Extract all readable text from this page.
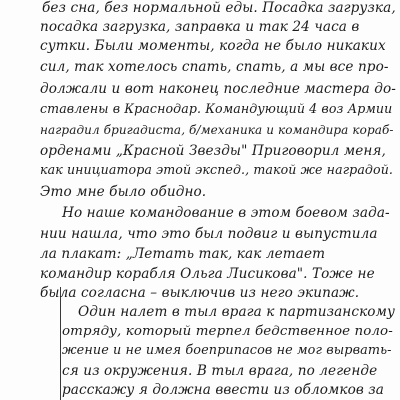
без сна, без нормальной еды. Посадка загрузка,
посадка загрузка, заправка и так 24 часа в
сутки. Были моменты, когда не было никаких
сил, так хотелось спать, спать, а мы все про-
должали и вот наконец последние мастера до-
ставлены в Краснодар. Командующий 4 воз Армии
наградил бригадиста, б/механика и командира кораб-
орденами „Красной Звезды" Приговорил меня,
как инициатора этой экспед., такой же наградой.
Это мне было обидно.
Но наше командование в этом боевом зада-
нии нашла, что это был подвиг и выпустила
ла плакат: „Летать так, как летает
командир корабля Ольга Лисикова". Тоже не
была согласна – выключив из него экипаж.
Один налет в тыл врага к партизанскому
отряду, который терпел бедственное поло-
жение и не имея боеприпасов не мог вырвать-
ся из окружения. В тыл врага, по легенде
расскажу я должна ввести из обломков за
